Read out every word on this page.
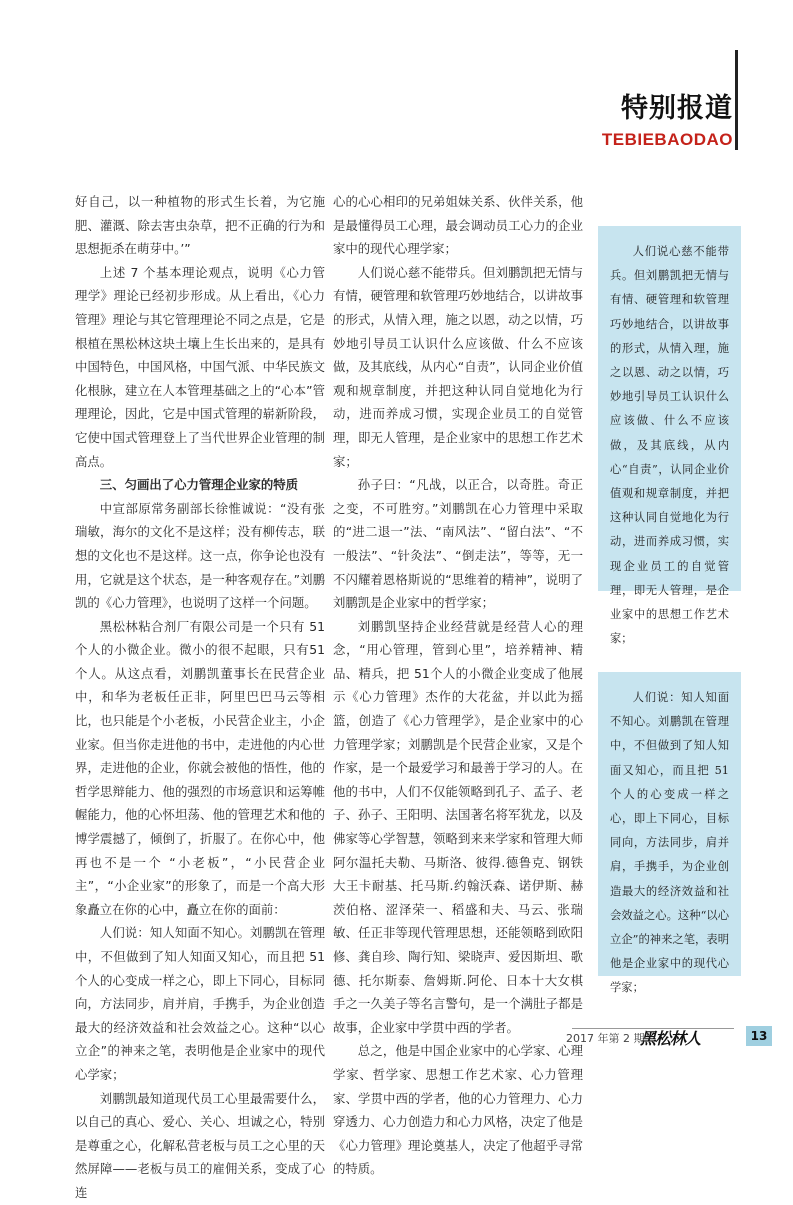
特别报道
TEBIEBAODAO

好自己，以一种植物的形式生长着，为它施肥、灌溉、除去害虫杂草，把不正确的行为和思想扼杀在萌芽中。’”

上述 7 个基本理论观点，说明《心力管理学》理论已经初步形成。从上看出，《心力管理》理论与其它管理理论不同之点是，它是根植在黑松林这块土壤上生长出来的，是具有中国特色，中国风格，中国气派、中华民族文化根脉，建立在人本管理基础之上的“心本”管理理论，因此，它是中国式管理的崭新阶段，它使中国式管理登上了当代世界企业管理的制高点。

三、匀画出了心力管理企业家的特质

中宣部原常务副部长徐惟诚说：“没有张瑞敏，海尔的文化不是这样；没有柳传志，联想的文化也不是这样。这一点，你争论也没有用，它就是这个状态，是一种客观存在。”刘鹏凯的《心力管理》，也说明了这样一个问题。

黑松林粘合剂厂有限公司是一个只有 51 个人的小微企业。微小的很不起眼，只有51个人。从这点看，刘鹏凯董事长在民营企业中，和华为老板任正非，阿里巴巴马云等相比，也只能是个小老板，小民营企业主，小企业家。但当你走进他的书中，走进他的内心世界，走进他的企业，你就会被他的悟性，他的哲学思辩能力、他的强烈的市场意识和运筹帷幄能力，他的心怀坦荡、他的管理艺术和他的博学震撼了，倾倒了，折服了。在你心中，他再也不是一个 “小老板”，“小民营企业主”，“小企业家”的形象了，而是一个高大形象矗立在你的心中，矗立在你的面前：

人们说：知人知面不知心。刘鹏凯在管理中，不但做到了知人知面又知心，而且把 51个人的心变成一样之心，即上下同心，目标同向，方法同步，肩并肩，手携手，为企业创造最大的经济效益和社会效益之心。这种“以心立企”的神来之笔，表明他是企业家中的现代心学家；

刘鹏凯最知道现代员工心里最需要什么，以自己的真心、爱心、关心、坦诚之心，特别是尊重之心，化解私营老板与员工之心里的天然屏障——老板与员工的雇佣关系，变成了心连

心的心心相印的兄弟姐妹关系、伙伴关系，他是最懂得员工心理，最会调动员工心力的企业家中的现代心理学家；

人们说心慈不能带兵。但刘鹏凯把无情与有情，硬管理和软管理巧妙地结合，以讲故事的形式，从情入理，施之以恩，动之以情，巧妙地引导员工认识什么应该做、什么不应该做，及其底线，从内心“自责”，认同企业价值观和规章制度，并把这种认同自觉地化为行动，进而养成习惯，实现企业员工的自觉管理，即无人管理，是企业家中的思想工作艺术家；

孙子曰：“凡战，以正合，以奇胜。奇正之变，不可胜穷。”刘鹏凯在心力管理中采取的“进二退一”法、“南风法”、“留白法”、“不一般法”、“针灸法”、“倒走法”，等等，无一不闪耀着恩格斯说的“思维着的精神”，说明了刘鹏凯是企业家中的哲学家；

刘鹏凯坚持企业经营就是经营人心的理念，“用心管理，管到心里”，培养精神、精品、精兵，把 51个人的小微企业变成了他展示《心力管理》杰作的大花盆，并以此为摇篮，创造了《心力管理学》，是企业家中的心力管理学家；刘鹏凯是个民营企业家，又是个作家，是一个最爱学习和最善于学习的人。在他的书中，人们不仅能领略到孔子、孟子、老子、孙子、王阳明、法国著名将军犹龙，以及佛家等心学智慧，领略到来来学家和管理大师阿尔温托夫勒、马斯洛、彼得.德鲁克、钢铁大王卡耐基、托马斯.约翰沃森、诺伊斯、赫茨伯格、涩泽荣一、稻盛和夫、马云、张瑞敏、任正非等现代管理思想，还能领略到欧阳修、龚自珍、陶行知、梁晓声、爱因斯坦、歌德、托尔斯泰、詹姆斯.阿伦、日本十大女棋手之一久美子等名言警句，是一个满肚子都是故事，企业家中学贯中西的学者。

总之，他是中国企业家中的心学家、心理学家、哲学家、思想工作艺术家、心力管理家、学贯中西的学者，他的心力管理力、心力穿透力、心力创造力和心力风格，决定了他是《心力管理》理论奠基人，决定了他超乎寻常的特质。

人们说心慈不能带兵。但刘鹏凯把无情与有情、硬管理和软管理巧妙地结合，以讲故事的形式，从情入理，施之以恩、动之以情，巧妙地引导员工认识什么应该做、什么不应该做，及其底线，从内心“自责”，认同企业价值观和规章制度，并把这种认同自觉地化为行动，进而养成习惯，实现企业员工的自觉管理，即无人管理，是企业家中的思想工作艺术家；

人们说：知人知面不知心。刘鹏凯在管理中，不但做到了知人知面又知心，而且把 51 个人的心变成一样之心，即上下同心，目标同向，方法同步，肩并肩，手携手，为企业创造最大的经济效益和社会效益之心。这种“以心立企”的神来之笔，表明他是企业家中的现代心学家；

2017 年第 2 期
黑松林人	13
